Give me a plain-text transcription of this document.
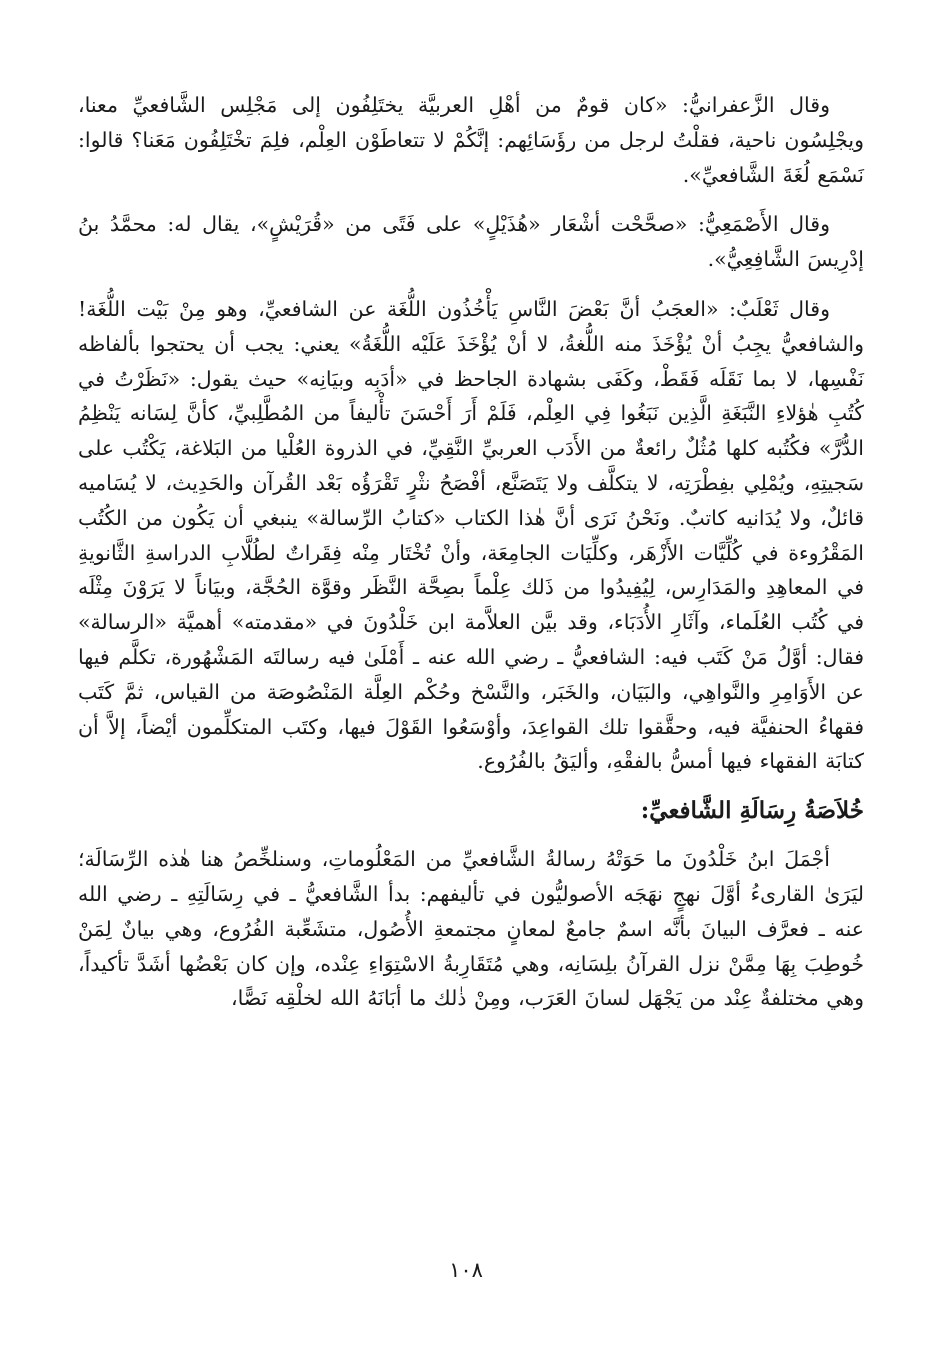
وقال الزَّعفرانيُّ: «كان قومٌ من أهْلِ العربيَّة يختَلِفُون إلى مَجْلِس الشَّافعيِّ معنا، ويجْلِسُون ناحية، فقلْتُ لرجل من رؤَسَائِهم: إنَّكُمْ لا تتعاطَوْن العِلْم، فلِمَ تخْتَلِفُون مَعَنا؟ قالوا: نَسْمَع لُغَةَ الشَّافعيِّ».

وقال الأَصْمَعِيُّ: «صحَّحْت أشْعَار «هُذَيْلٍ» على فَتًى من «قُرَيْشٍ»، يقال له: محمَّدُ بنُ إدْرِيسَ الشَّافِعِيُّ».

وقال ثَعْلَبٌ: «العجَبُ أنَّ بَعْضَ النَّاسِ يَأْخُذُون اللُّغَة عن الشافعيِّ، وهو مِنْ بَيْت اللُّغَة! والشافعيُّ يجِبُ أنْ يُؤْخَذَ منه اللُّغةُ، لا أنْ يُؤْخَذَ عَلَيْه اللُّغَةُ» يعني: يجب أن يحتجوا بألفاظه نَفْسِها، لا بما نَقَلَه فَقَطْ، وكَفَى بشهادة الجاحظ في «أدَبِه وبيَانِه» حيث يقول: «نَظَرْتُ في كُتُبِ هٰؤلاءِ النَّبَغَةِ الَّذِين نَبَغُوا فِي العِلْم، فَلَمْ أَرَ أَحْسَنَ تأْليفاً من المُطَّلِبيِّ، كأنَّ لِسَانه يَنْظِمُ الدُّرَّ» فكُتُبه كلها مُثُلٌ رائعةٌ من الأَدَب العربيِّ النَّقِيِّ، في الذروة العُلْيا من البَلاغة، يَكْتُب على سَجيتِهِ، ويُمْلِي بفِطْرَتِه، لا يتكلَّف ولا يَتَصَنَّع، أفْصَحُ نثْرٍ تَقْرَؤُه بَعْد القُرآن والحَدِيث، لا يُسَاميه قائلٌ، ولا يُدَانيه كاتبٌ. ونَحْنُ نَرَى أنَّ هٰذا الكتاب «كتابُ الرِّسالة» ينبغي أن يَكُون من الكُتُب المَقْرُوءة في كُلِّيَّات الأَزْهَر، وكلِّيَات الجامِعَة، وأنْ تُخْتَار مِنْه فِقَراتٌ لطُلَّابِ الدراسةِ الثَّانويةِ في المعاهِدِ والمَدَارِس، لِيُفِيدُوا من ذَلك عِلْماً بصِحَّة النَّظَر وقوَّة الحُجَّة، وبيَاناً لا يَرَوْنَ مِثْلَه في كُتُب العُلَماء، وآثَارِ الأُدَبَاء، وقد بيَّن العلاَّمة ابن خَلْدُونَ في «مقدمته» أهميَّة «الرسالة» فقال: أوَّلُ مَنْ كَتَب فيه: الشافعيُّ ـ رضي الله عنه ـ أَمْلَىٰ فيه رسالتَه المَشْهُورة، تكلَّم فيها عن الأَوَامِرِ والنَّواهِي، والبَيَان، والخَبَر، والنَّسْخ وحُكْم العِلَّة المَنْصُوصَة من القياس، ثمَّ كَتَب فقهاءُ الحنفيَّة فيه، وحقَّقوا تلك القواعِدَ، وأوْسَعُوا القَوْلَ فيها، وكتَب المتكلِّمون أيْضاً، إلاَّ أن كتابَة الفقهاء فيها أمسُّ بالفقْهِ، وأليَقُ بالفُرُوع.

خُلاَصَةُ رِسَالَةِ الشَّافعيِّ:

أجْمَلَ ابنُ خَلْدُونَ ما حَوَتْهُ رسالةُ الشَّافعيِّ من المَعْلُوماتِ، وسنلخِّصُ هنا هٰذه الرِّسَالَة؛ ليَرَىٰ القارىءُ أوَّلَ نهجٍ نهَجَه الأصوليُّون في تأليفهم: بدأ الشَّافعيُّ ـ في رِسَالَتِهِ ـ رضي الله عنه ـ فعرَّف البيانَ بأنَّه اسمٌ جامعٌ لمعانٍ مجتمعةِ الأُصُول، متشَعِّبة الفُرُوع، وهي بيانٌ لِمَنْ خُوطِبَ بِهَا مِمَّنْ نزل القرآنُ بلِسَانِه، وهي مُتَقَارِبةُ الاسْتِوَاءِ عِنْده، وإن كان بَعْضُها أشَدَّ تأكيداً، وهي مختلفةٌ عِنْد من يَجْهَل لسانَ العَرَب، ومِنْ ذٰلك ما أبَانَهُ الله لخلْقِه نَصًّا،

١٠٨
